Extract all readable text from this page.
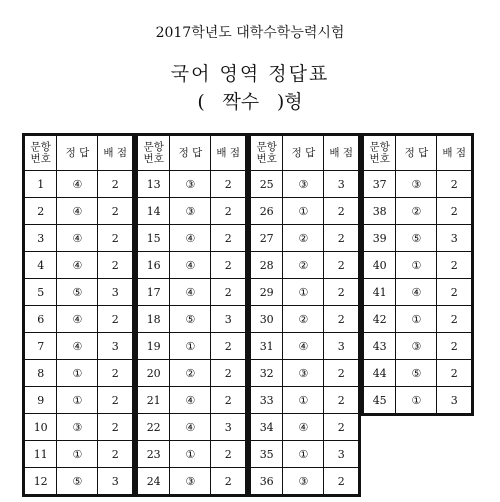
2017학년도 대학수학능력시험
국어 영역 정답표
( 짝수 )형
문항
번호	정 답	배 점
1	④	2
2	④	2
3	④	2
4	④	2
5	⑤	3
6	④	2
7	④	3
8	①	2
9	①	2
10	③	2
11	①	2
12	⑤	3
문항
번호	정 답	배 점
13	③	2
14	③	2
15	④	2
16	④	2
17	④	2
18	⑤	3
19	①	2
20	②	2
21	④	2
22	④	3
23	①	2
24	③	2
문항
번호	정 답	배 점
25	③	3
26	①	2
27	②	2
28	②	2
29	①	2
30	②	2
31	④	3
32	③	2
33	①	2
34	④	2
35	①	3
36	③	2
문항
번호	정 답	배 점
37	③	2
38	②	2
39	⑤	3
40	①	2
41	④	2
42	①	2
43	③	2
44	⑤	2
45	①	3
